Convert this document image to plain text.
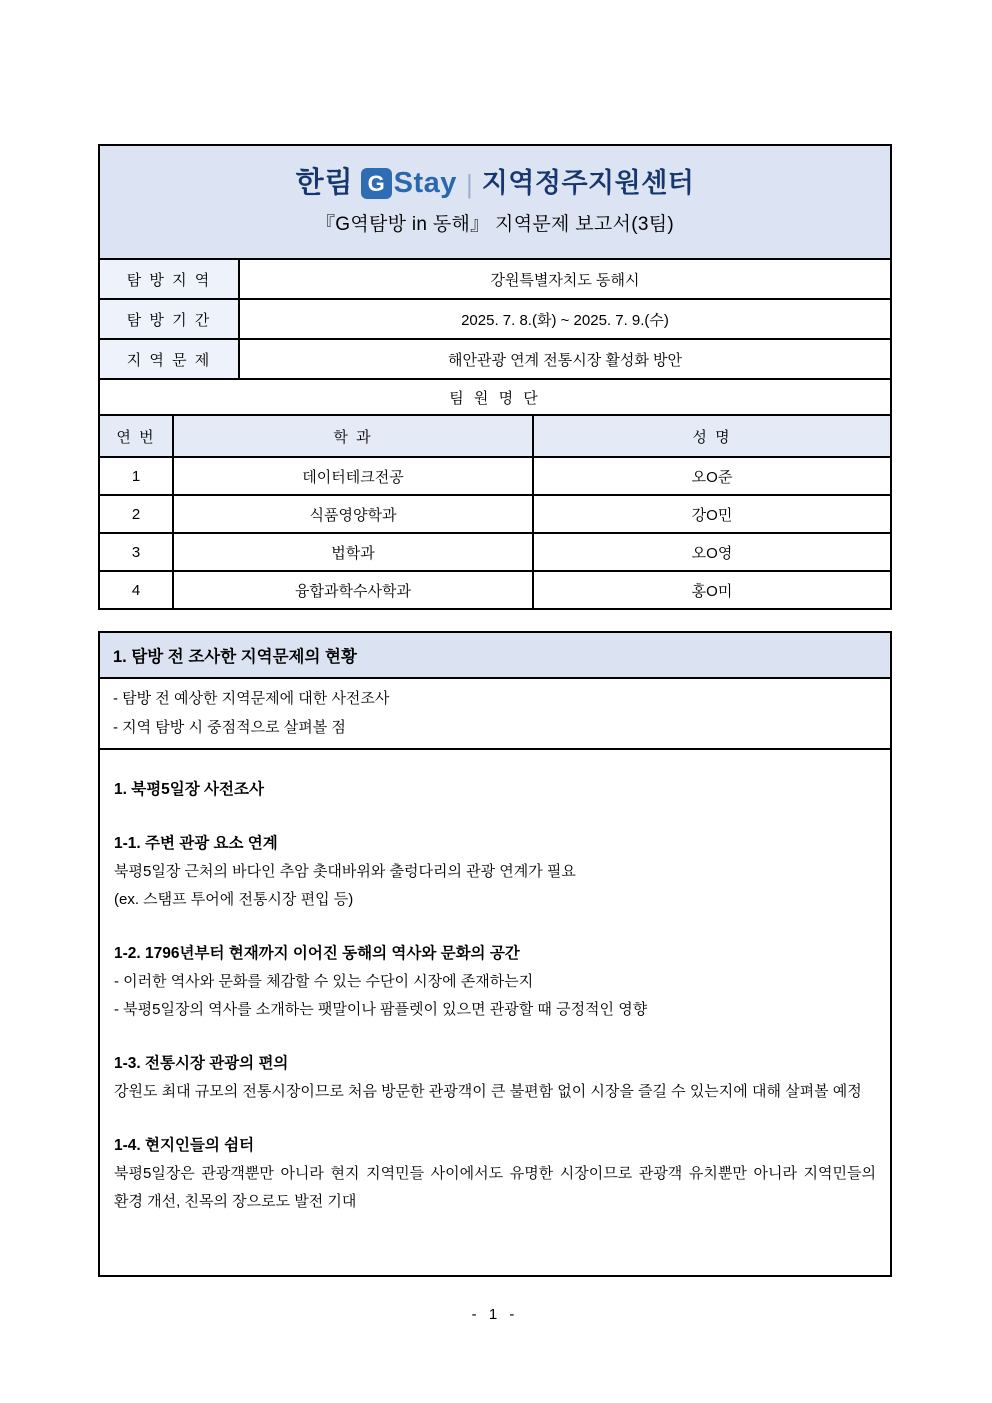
한림 G Stay | 지역정주지원센터
『G역탐방 in 동해』 지역문제 보고서(3팀)
탐 방 지 역	강원특별자치도 동해시
탐 방 기 간	2025. 7. 8.(화) ~ 2025. 7. 9.(수)
지 역 문 제	해안관광 연계 전통시장 활성화 방안
팀 원 명 단
연 번	학 과	성 명
1	데이터테크전공	오O준
2	식품영양학과	강O민
3	법학과	오O영
4	융합과학수사학과	홍O미
1. 탐방 전 조사한 지역문제의 현황
- 탐방 전 예상한 지역문제에 대한 사전조사
- 지역 탐방 시 중점적으로 살펴볼 점
1. 북평5일장 사전조사
1-1. 주변 관광 요소 연계
북평5일장 근처의 바다인 추암 촛대바위와 출렁다리의 관광 연계가 필요
(ex. 스탬프 투어에 전통시장 편입 등)
1-2. 1796년부터 현재까지 이어진 동해의 역사와 문화의 공간
- 이러한 역사와 문화를 체감할 수 있는 수단이 시장에 존재하는지
- 북평5일장의 역사를 소개하는 팻말이나 팜플렛이 있으면 관광할 때 긍정적인 영향
1-3. 전통시장 관광의 편의
강원도 최대 규모의 전통시장이므로 처음 방문한 관광객이 큰 불편함 없이 시장을 즐길 수 있는지에 대해 살펴볼 예정
1-4. 현지인들의 쉼터
북평5일장은 관광객뿐만 아니라 현지 지역민들 사이에서도 유명한 시장이므로 관광객 유치뿐만 아니라 지역민들의 환경 개선, 친목의 장으로도 발전 기대
- 1 -
